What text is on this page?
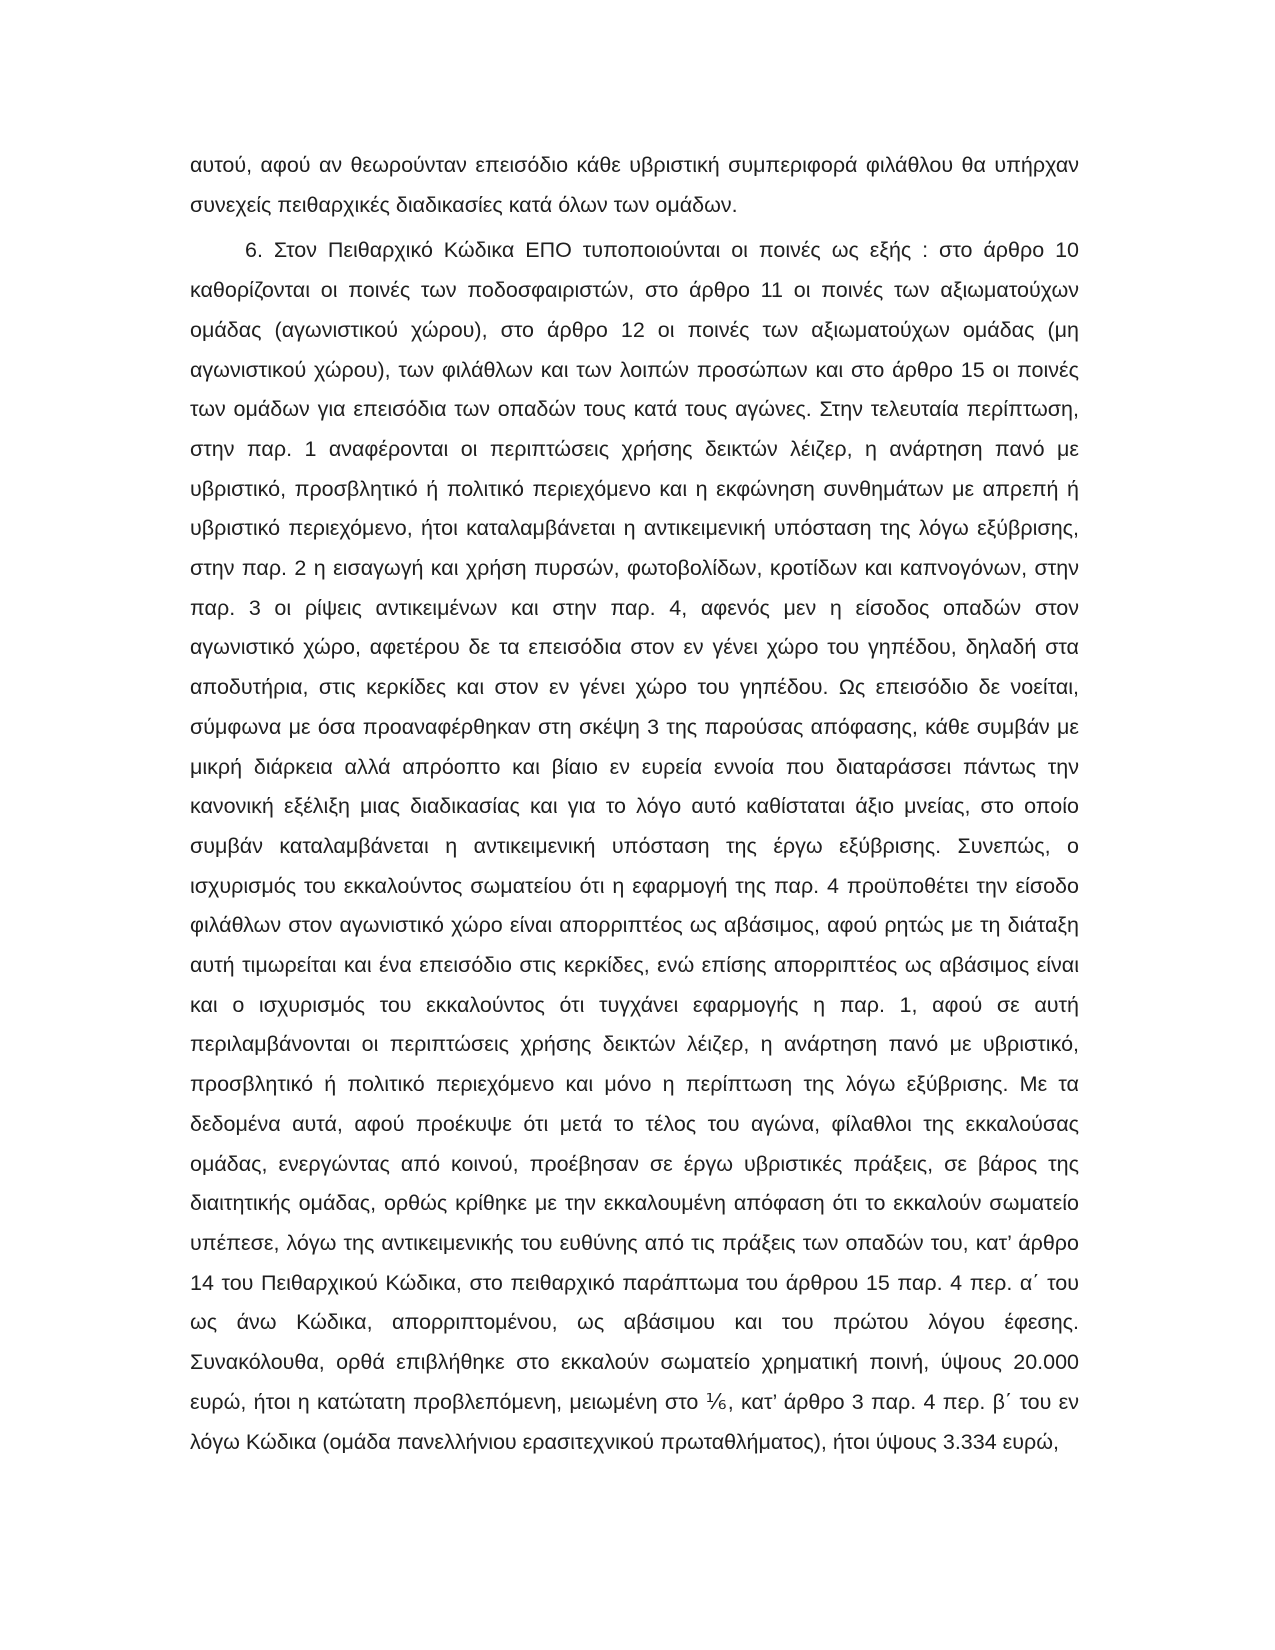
αυτού, αφού αν θεωρούνταν επεισόδιο κάθε υβριστική συμπεριφορά φιλάθλου θα υπήρχαν συνεχείς πειθαρχικές διαδικασίες κατά όλων των ομάδων.

6. Στον Πειθαρχικό Κώδικα ΕΠΟ τυποποιούνται οι ποινές ως εξής : στο άρθρο 10 καθορίζονται οι ποινές των ποδοσφαιριστών, στο άρθρο 11 οι ποινές των αξιωματούχων ομάδας (αγωνιστικού χώρου), στο άρθρο 12 οι ποινές των αξιωματούχων ομάδας (μη αγωνιστικού χώρου), των φιλάθλων και των λοιπών προσώπων και στο άρθρο 15 οι ποινές των ομάδων για επεισόδια των οπαδών τους κατά τους αγώνες. Στην τελευταία περίπτωση, στην παρ. 1 αναφέρονται οι περιπτώσεις χρήσης δεικτών λέιζερ, η ανάρτηση πανό με υβριστικό, προσβλητικό ή πολιτικό περιεχόμενο και η εκφώνηση συνθημάτων με απρεπή ή υβριστικό περιεχόμενο, ήτοι καταλαμβάνεται η αντικειμενική υπόσταση της λόγω εξύβρισης, στην παρ. 2 η εισαγωγή και χρήση πυρσών, φωτοβολίδων, κροτίδων και καπνογόνων, στην παρ. 3 οι ρίψεις αντικειμένων και στην παρ. 4, αφενός μεν η είσοδος οπαδών στον αγωνιστικό χώρο, αφετέρου δε τα επεισόδια στον εν γένει χώρο του γηπέδου, δηλαδή στα αποδυτήρια, στις κερκίδες και στον εν γένει χώρο του γηπέδου. Ως επεισόδιο δε νοείται, σύμφωνα με όσα προαναφέρθηκαν στη σκέψη 3 της παρούσας απόφασης, κάθε συμβάν με μικρή διάρκεια αλλά απρόοπτο και βίαιο εν ευρεία εννοία που διαταράσσει πάντως την κανονική εξέλιξη μιας διαδικασίας και για το λόγο αυτό καθίσταται άξιο μνείας, στο οποίο συμβάν καταλαμβάνεται η αντικειμενική υπόσταση της έργω εξύβρισης. Συνεπώς, ο ισχυρισμός του εκκαλούντος σωματείου ότι η εφαρμογή της παρ. 4 προϋποθέτει την είσοδο φιλάθλων στον αγωνιστικό χώρο είναι απορριπτέος ως αβάσιμος, αφού ρητώς με τη διάταξη αυτή τιμωρείται και ένα επεισόδιο στις κερκίδες, ενώ επίσης απορριπτέος ως αβάσιμος είναι και ο ισχυρισμός του εκκαλούντος ότι τυγχάνει εφαρμογής η παρ. 1, αφού σε αυτή περιλαμβάνονται οι περιπτώσεις χρήσης δεικτών λέιζερ, η ανάρτηση πανό με υβριστικό, προσβλητικό ή πολιτικό περιεχόμενο και μόνο η περίπτωση της λόγω εξύβρισης. Με τα δεδομένα αυτά, αφού προέκυψε ότι μετά το τέλος του αγώνα, φίλαθλοι της εκκαλούσας ομάδας, ενεργώντας από κοινού, προέβησαν σε έργω υβριστικές πράξεις, σε βάρος της διαιτητικής ομάδας, ορθώς κρίθηκε με την εκκαλουμένη απόφαση ότι το εκκαλούν σωματείο υπέπεσε, λόγω της αντικειμενικής του ευθύνης από τις πράξεις των οπαδών του, κατ’ άρθρο 14 του Πειθαρχικού Κώδικα, στο πειθαρχικό παράπτωμα του άρθρου 15 παρ. 4 περ. α΄ του ως άνω Κώδικα, απορριπτομένου, ως αβάσιμου και του πρώτου λόγου έφεσης. Συνακόλουθα, ορθά επιβλήθηκε στο εκκαλούν σωματείο χρηματική ποινή, ύψους 20.000 ευρώ, ήτοι η κατώτατη προβλεπόμενη, μειωμένη στο ⅙, κατ’ άρθρο 3 παρ. 4 περ. β΄ του εν λόγω Κώδικα (ομάδα πανελλήνιου ερασιτεχνικού πρωταθλήματος), ήτοι ύψους 3.334 ευρώ,
